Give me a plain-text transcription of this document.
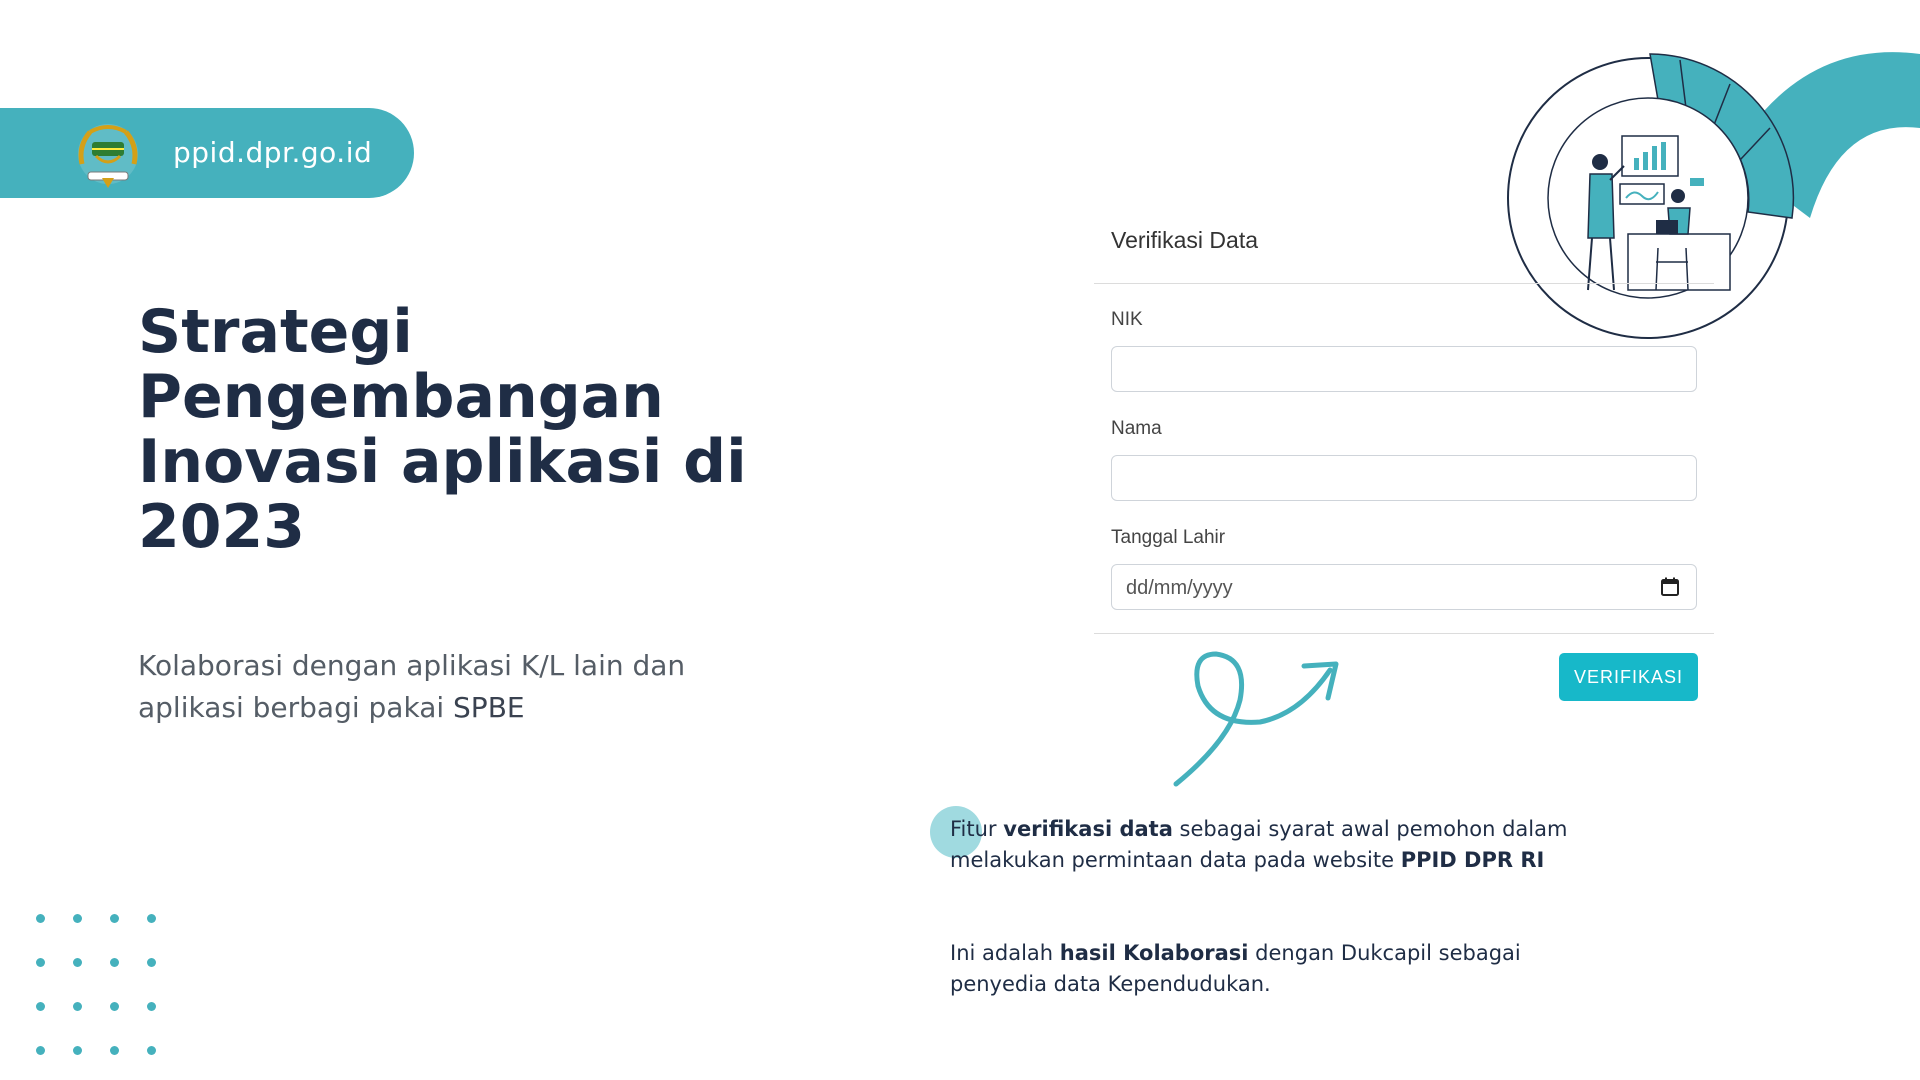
ppid.dpr.go.id
Strategi
Pengembangan
Inovasi aplikasi di
2023

Kolaborasi dengan aplikasi K/L lain dan aplikasi berbagi pakai SPBE

Verifikasi Data
NIK
Nama
Tanggal Lahir
dd/mm/yyyy
VERIFIKASI

Fitur verifikasi data sebagai syarat awal pemohon dalam melakukan permintaan data pada website PPID DPR RI

Ini adalah hasil Kolaborasi dengan Dukcapil sebagai penyedia data Kependudukan.
